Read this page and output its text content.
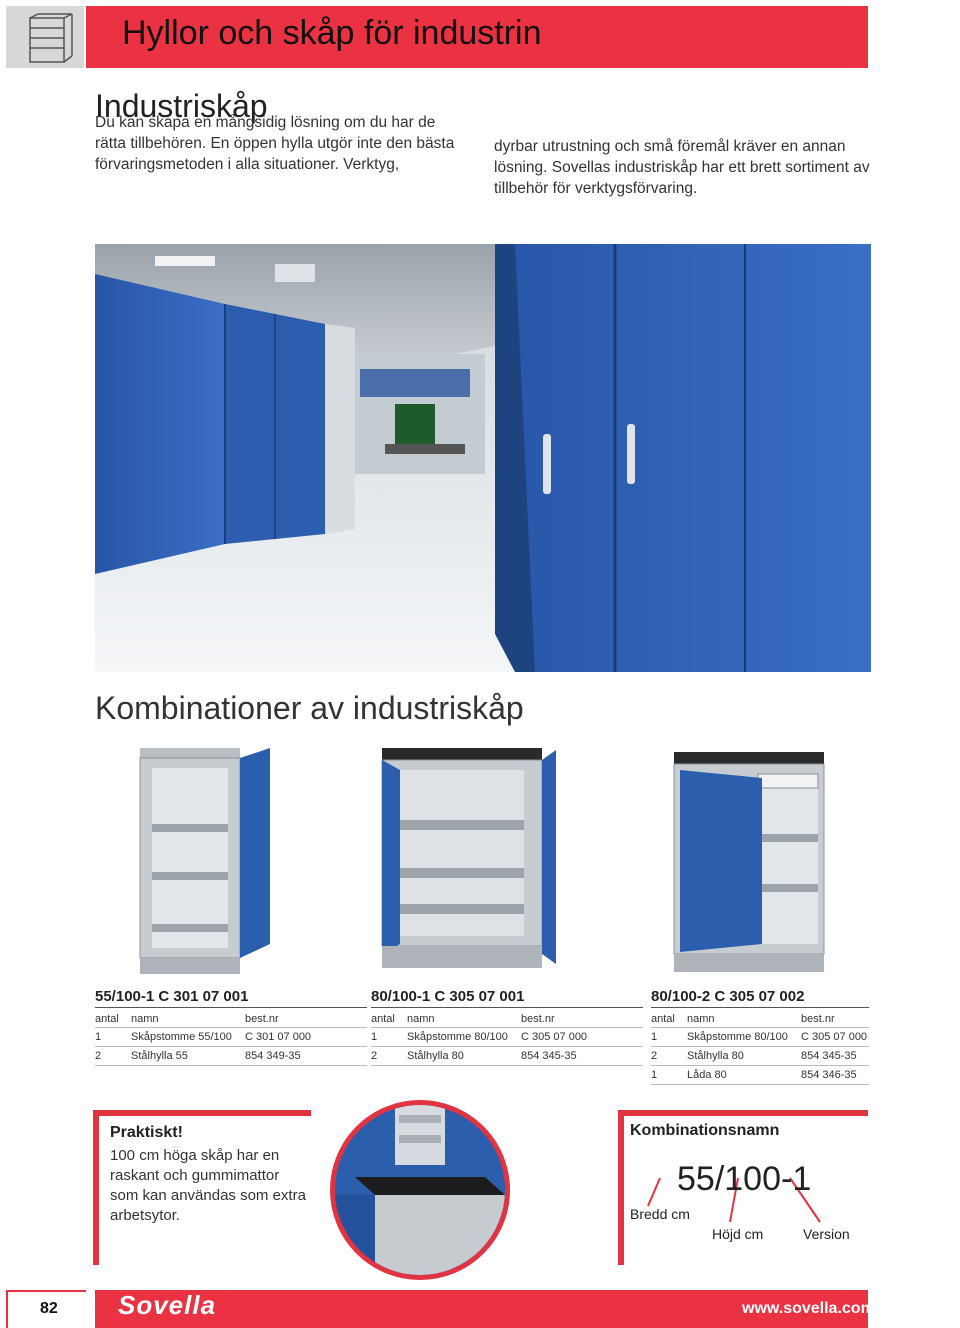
Hyllor och skåp för industrin
Industriskåp

Du kan skapa en mångsidig lösning om du har de rätta tillbehören. En öppen hylla utgör inte den bästa förvaringsmetoden i alla situationer. Verktyg,

dyrbar utrustning och små föremål kräver en annan lösning. Sovellas industriskåp har ett brett sortiment av tillbehör för verktygsförvaring.

Kombinationer av industriskåp
55/100-1 C 301 07 001
antal	namn	best.nr
1	Skåpstomme 55/100	C 301 07 000
2	Stålhylla 55	854 349-35
80/100-1 C 305 07 001
antal	namn	best.nr
1	Skåpstomme 80/100	C 305 07 000
2	Stålhylla 80	854 345-35
80/100-2 C 305 07 002
antal	namn	best.nr
1	Skåpstomme 80/100	C 305 07 000
2	Stålhylla 80	854 345-35
1	Låda 80	854 346-35
Praktiskt!

100 cm höga skåp har en raskant och gummimattor som kan användas som extra arbetsytor.

Kombinationsnamn
55/100-1
Bredd cm
Höjd cm	Version
82 Sovella	www.sovella.com
